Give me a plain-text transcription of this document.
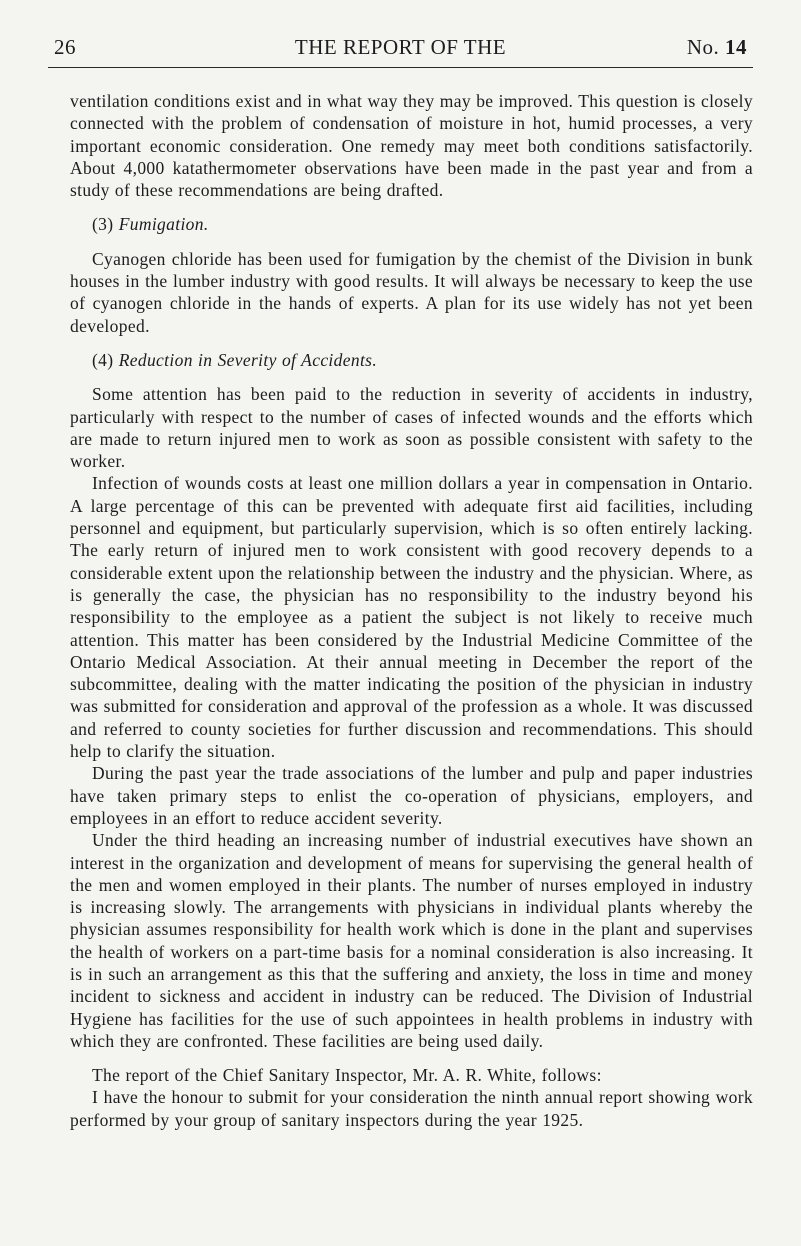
26	THE REPORT OF THE	No. 14

ventilation conditions exist and in what way they may be improved. This question is closely connected with the problem of condensation of moisture in hot, humid processes, a very important economic consideration. One remedy may meet both conditions satisfactorily. About 4,000 katathermometer observations have been made in the past year and from a study of these recommendations are being drafted.

(3) Fumigation.

Cyanogen chloride has been used for fumigation by the chemist of the Division in bunk houses in the lumber industry with good results. It will always be necessary to keep the use of cyanogen chloride in the hands of experts. A plan for its use widely has not yet been developed.

(4) Reduction in Severity of Accidents.

Some attention has been paid to the reduction in severity of accidents in industry, particularly with respect to the number of cases of infected wounds and the efforts which are made to return injured men to work as soon as possible consistent with safety to the worker.

Infection of wounds costs at least one million dollars a year in compensation in Ontario. A large percentage of this can be prevented with adequate first aid facilities, including personnel and equipment, but particularly supervision, which is so often entirely lacking. The early return of injured men to work consistent with good recovery depends to a considerable extent upon the relationship between the industry and the physician. Where, as is generally the case, the physician has no responsibility to the industry beyond his responsibility to the employee as a patient the subject is not likely to receive much attention. This matter has been considered by the Industrial Medicine Committee of the Ontario Medical Association. At their annual meeting in December the report of the subcommittee, dealing with the matter indicating the position of the physician in industry was submitted for consideration and approval of the profession as a whole. It was discussed and referred to county societies for further discussion and recommendations. This should help to clarify the situation.

During the past year the trade associations of the lumber and pulp and paper industries have taken primary steps to enlist the co-operation of physicians, employers, and employees in an effort to reduce accident severity.

Under the third heading an increasing number of industrial executives have shown an interest in the organization and development of means for supervising the general health of the men and women employed in their plants. The number of nurses employed in industry is increasing slowly. The arrangements with physicians in individual plants whereby the physician assumes responsibility for health work which is done in the plant and supervises the health of workers on a part-time basis for a nominal consideration is also increasing. It is in such an arrangement as this that the suffering and anxiety, the loss in time and money incident to sickness and accident in industry can be reduced. The Division of Industrial Hygiene has facilities for the use of such appointees in health problems in industry with which they are confronted. These facilities are being used daily.

The report of the Chief Sanitary Inspector, Mr. A. R. White, follows:

I have the honour to submit for your consideration the ninth annual report showing work performed by your group of sanitary inspectors during the year 1925.
